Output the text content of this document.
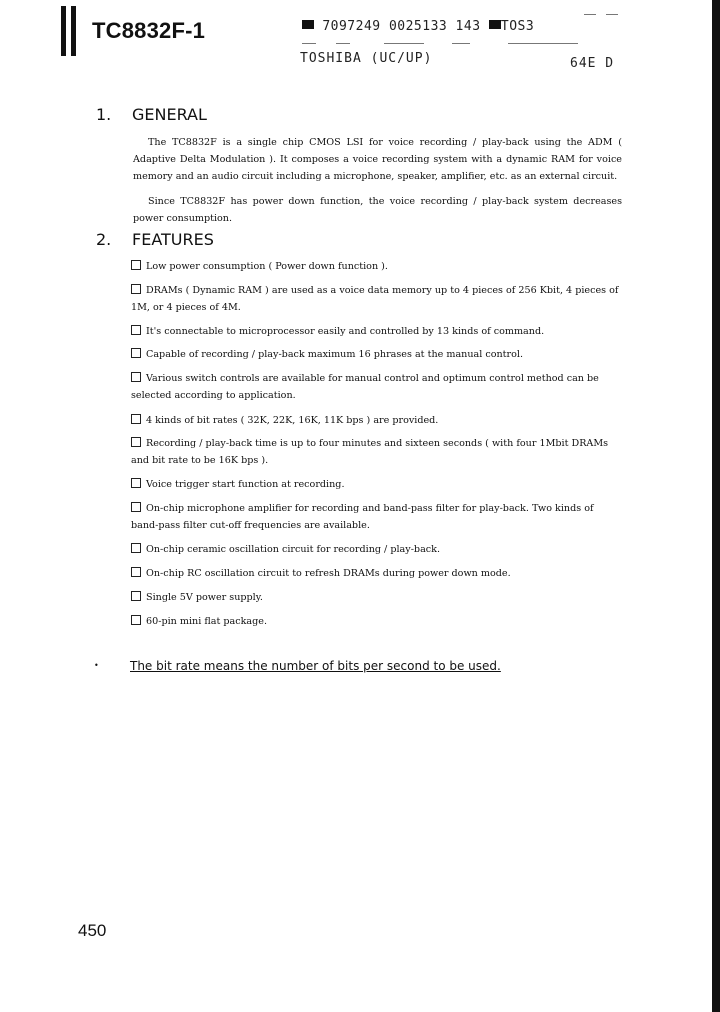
TC8832F-1	7097249 0025133 143 TOS3
TOSHIBA (UC/UP)	64E D
1. GENERAL

The TC8832F is a single chip CMOS LSI for voice recording / play-back using the ADM ( Adaptive Delta Modulation ). It composes a voice recording system with a dynamic RAM for voice memory and an audio circuit including a microphone, speaker, amplifier, etc. as an external circuit.

Since TC8832F has power down function, the voice recording / play-back system decreases power consumption.

2. FEATURES

Low power consumption ( Power down function ).

DRAMs ( Dynamic RAM ) are used as a voice data memory up to 4 pieces of 256 Kbit, 4 pieces of 1M, or 4 pieces of 4M.

It's connectable to microprocessor easily and controlled by 13 kinds of command.

Capable of recording / play-back maximum 16 phrases at the manual control.

Various switch controls are available for manual control and optimum control method can be selected according to application.

4 kinds of bit rates ( 32K, 22K, 16K, 11K bps ) are provided.

Recording / play-back time is up to four minutes and sixteen seconds ( with four 1Mbit DRAMs and bit rate to be 16K bps ).

Voice trigger start function at recording.

On-chip microphone amplifier for recording and band-pass filter for play-back. Two kinds of band-pass filter cut-off frequencies are available.

On-chip ceramic oscillation circuit for recording / play-back.

On-chip RC oscillation circuit to refresh DRAMs during power down mode.

Single 5V power supply.

60-pin mini flat package.

•	The bit rate means the number of bits per second to be used.
450
